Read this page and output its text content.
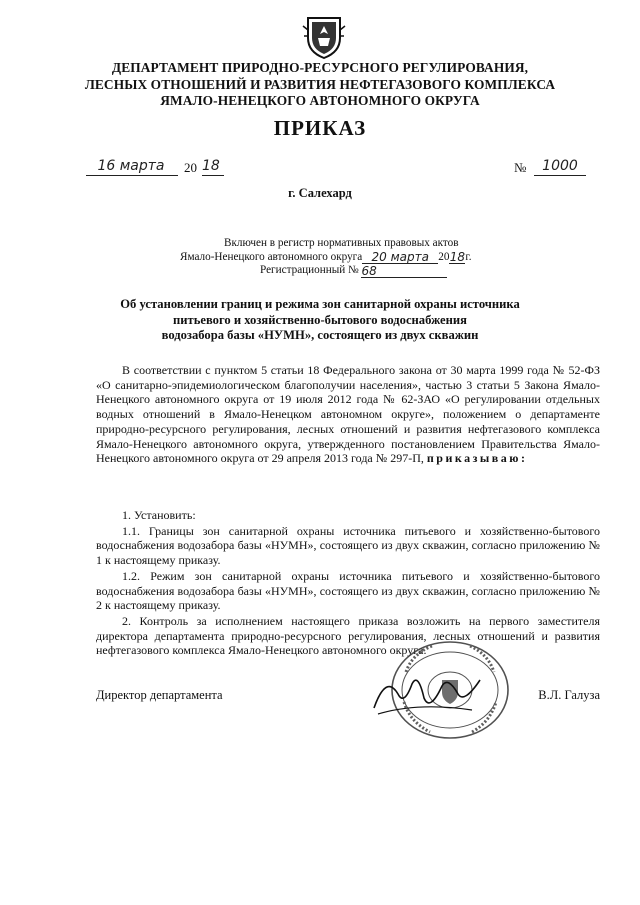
ДЕПАРТАМЕНТ ПРИРОДНО-РЕСУРСНОГО РЕГУЛИРОВАНИЯ,
ЛЕСНЫХ ОТНОШЕНИЙ И РАЗВИТИЯ НЕФТЕГАЗОВОГО КОМПЛЕКСА
ЯМАЛО-НЕНЕЦКОГО АВТОНОМНОГО ОКРУГА
ПРИКАЗ
16 марта	20 18	№	1000
г. Салехард
Включен в регистр нормативных правовых актов
Ямало-Ненецкого автономного округа 20 марта 2018г.
Регистрационный № 68
Об установлении границ и режима зон санитарной охраны источника
питьевого и хозяйственно-бытового водоснабжения
водозабора базы «НУМН», состоящего из двух скважин

В соответствии с пунктом 5 статьи 18 Федерального закона от 30 марта 1999 года № 52-ФЗ «О санитарно-эпидемиологическом благополучии населения», частью 3 статьи 5 Закона Ямало-Ненецкого автономного округа от 19 июля 2012 года № 62-ЗАО «О регулировании отдельных водных отношений в Ямало-Ненецком автономном округе», положением о департаменте природно-ресурсного регулирования, лесных отношений и развития нефтегазового комплекса Ямало-Ненецкого автономного округа, утвержденного постановлением Правительства Ямало-Ненецкого автономного округа от 29 апреля 2013 года № 297-П, приказываю:

1. Установить:

1.1. Границы зон санитарной охраны источника питьевого и хозяйственно-бытового водоснабжения водозабора базы «НУМН», состоящего из двух скважин, согласно приложению № 1 к настоящему приказу.

1.2. Режим зон санитарной охраны источника питьевого и хозяйственно-бытового водоснабжения водозабора базы «НУМН», состоящего из двух скважин, согласно приложению № 2 к настоящему приказу.

2. Контроль за исполнением настоящего приказа возложить на первого заместителя директора департамента природно-ресурсного регулирования, лесных отношений и развития нефтегазового комплекса Ямало-Ненецкого автономного округа.

Директор департамента	В.Л. Галуза
